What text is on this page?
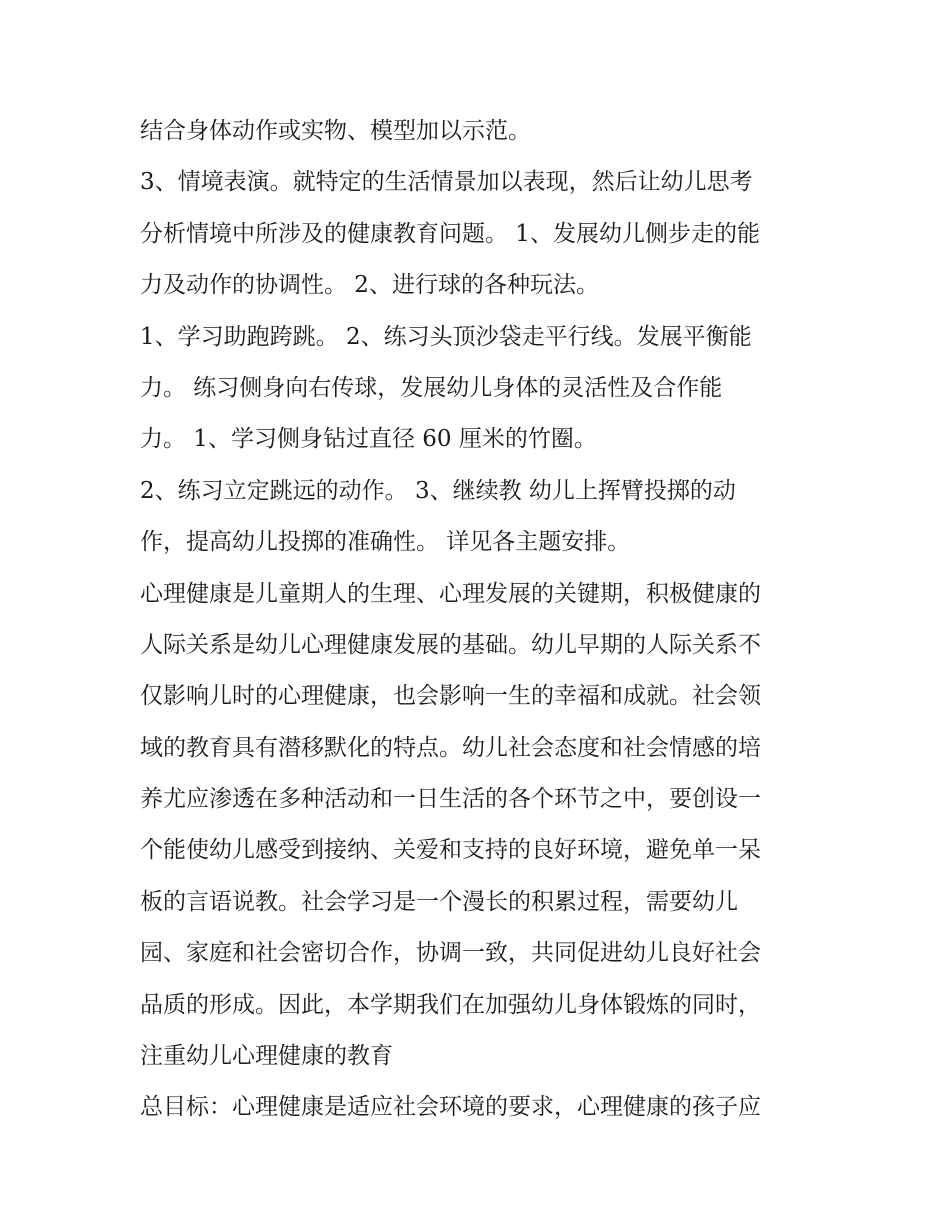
结合身体动作或实物、模型加以示范。
3、情境表演。就特定的生活情景加以表现，然后让幼儿思考
分析情境中所涉及的健康教育问题。 1、发展幼儿侧步走的能
力及动作的协调性。 2、进行球的各种玩法。
1、学习助跑跨跳。 2、练习头顶沙袋走平行线。发展平衡能
力。 练习侧身向右传球，发展幼儿身体的灵活性及合作能
力。 1、学习侧身钻过直径 60 厘米的竹圈。
2、练习立定跳远的动作。 3、继续教 幼儿上挥臂投掷的动
作，提高幼儿投掷的准确性。 详见各主题安排。
心理健康是儿童期人的生理、心理发展的关键期，积极健康的
人际关系是幼儿心理健康发展的基础。幼儿早期的人际关系不
仅影响儿时的心理健康，也会影响一生的幸福和成就。社会领
域的教育具有潜移默化的特点。幼儿社会态度和社会情感的培
养尤应渗透在多种活动和一日生活的各个环节之中，要创设一
个能使幼儿感受到接纳、关爱和支持的良好环境，避免单一呆
板的言语说教。社会学习是一个漫长的积累过程，需要幼儿
园、家庭和社会密切合作，协调一致，共同促进幼儿良好社会
品质的形成。因此，本学期我们在加强幼儿身体锻炼的同时，
注重幼儿心理健康的教育
总目标：心理健康是适应社会环境的要求，心理健康的孩子应
